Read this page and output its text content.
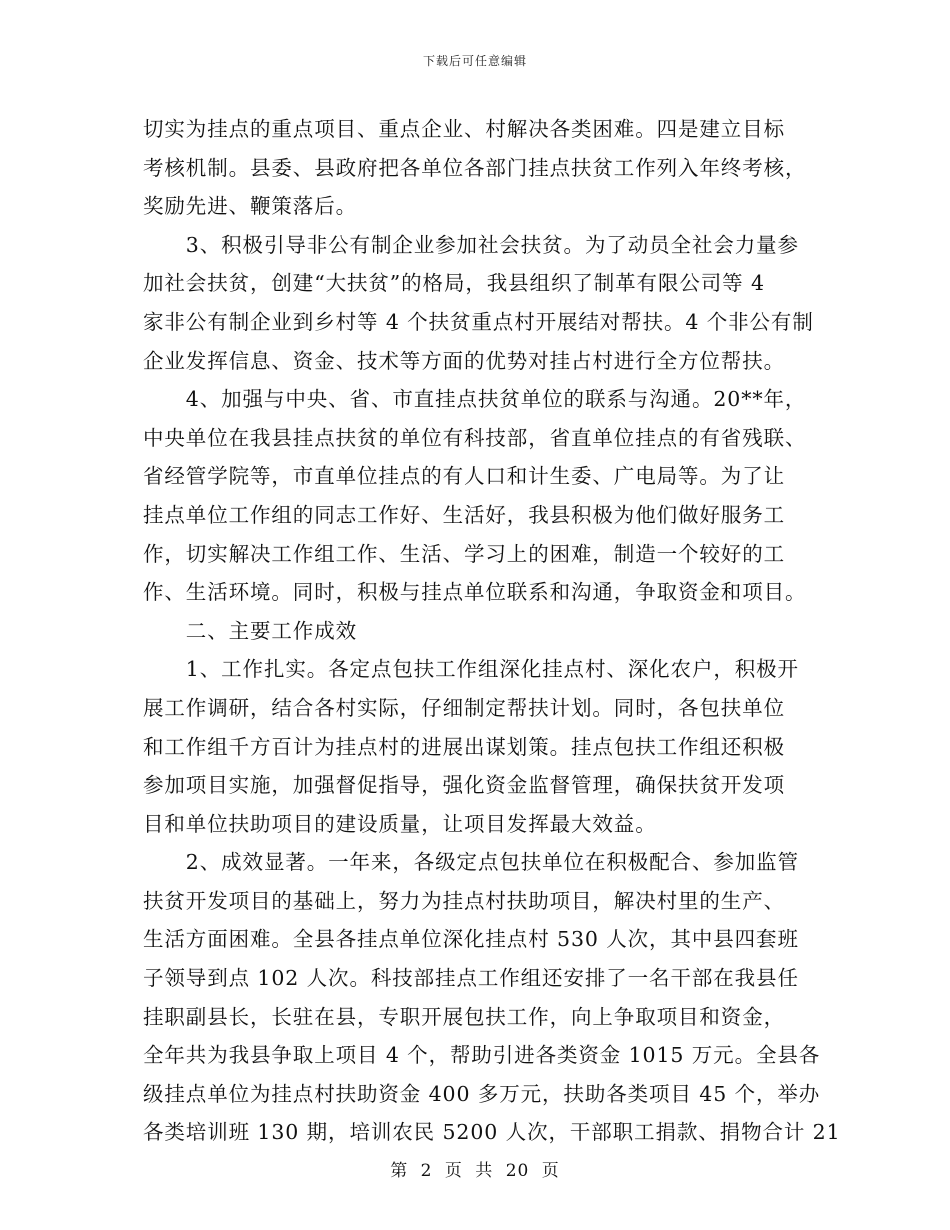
下载后可任意编辑
切实为挂点的重点项目、重点企业、村解决各类困难。四是建立目标
考核机制。县委、县政府把各单位各部门挂点扶贫工作列入年终考核，
奖励先进、鞭策落后。
　　3、积极引导非公有制企业参加社会扶贫。为了动员全社会力量参
加社会扶贫，创建“大扶贫”的格局，我县组织了制革有限公司等 4
家非公有制企业到乡村等 4 个扶贫重点村开展结对帮扶。4 个非公有制
企业发挥信息、资金、技术等方面的优势对挂占村进行全方位帮扶。
　　4、加强与中央、省、市直挂点扶贫单位的联系与沟通。20**年，
中央单位在我县挂点扶贫的单位有科技部，省直单位挂点的有省残联、
省经管学院等，市直单位挂点的有人口和计生委、广电局等。为了让
挂点单位工作组的同志工作好、生活好，我县积极为他们做好服务工
作，切实解决工作组工作、生活、学习上的困难，制造一个较好的工
作、生活环境。同时，积极与挂点单位联系和沟通，争取资金和项目。
　　二、主要工作成效
　　1、工作扎实。各定点包扶工作组深化挂点村、深化农户，积极开
展工作调研，结合各村实际，仔细制定帮扶计划。同时，各包扶单位
和工作组千方百计为挂点村的进展出谋划策。挂点包扶工作组还积极
参加项目实施，加强督促指导，强化资金监督管理，确保扶贫开发项
目和单位扶助项目的建设质量，让项目发挥最大效益。
　　2、成效显著。一年来，各级定点包扶单位在积极配合、参加监管
扶贫开发项目的基础上，努力为挂点村扶助项目，解决村里的生产、
生活方面困难。全县各挂点单位深化挂点村 530 人次，其中县四套班
子领导到点 102 人次。科技部挂点工作组还安排了一名干部在我县任
挂职副县长，长驻在县，专职开展包扶工作，向上争取项目和资金，
全年共为我县争取上项目 4 个，帮助引进各类资金 1015 万元。全县各
级挂点单位为挂点村扶助资金 400 多万元，扶助各类项目 45 个，举办
各类培训班 130 期，培训农民 5200 人次，干部职工捐款、捐物合计 21
第 2 页 共 20 页
